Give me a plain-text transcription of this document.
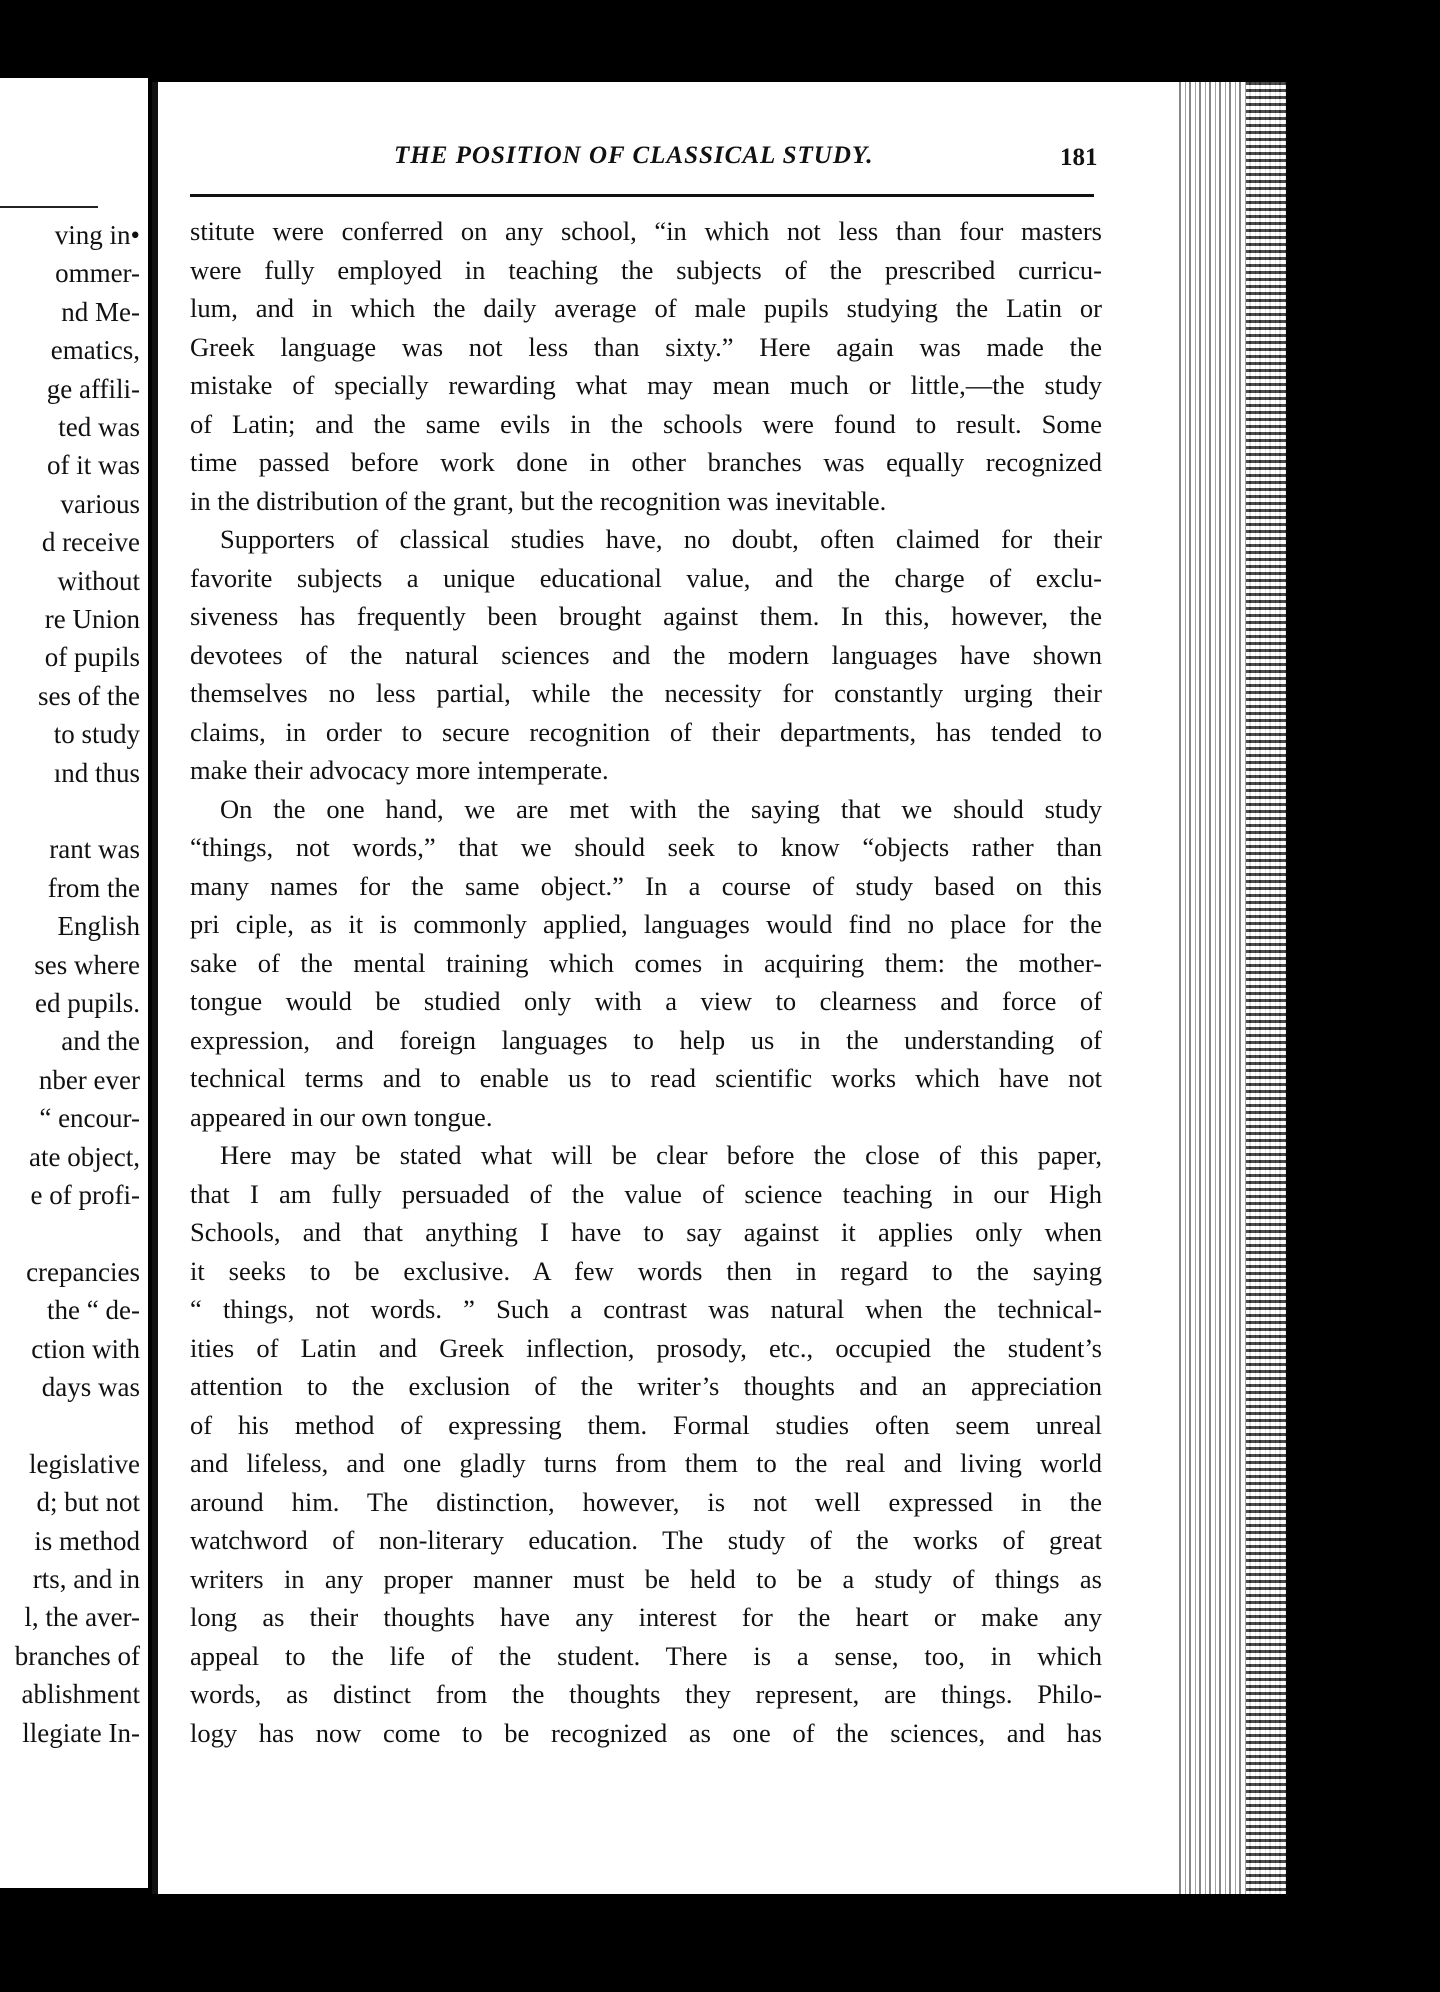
ving in•
ommer-
nd Me-
ematics,
ge affili-
ted was
of it was
various
d receive
without
re Union
of pupils
ses of the
to study
ınd thus
rant was
from the
English
ses where
ed pupils.
and the
nber ever
“ encour-
ate object,
e of profi-
crepancies
the “ de-
ction with
days was
legislative
d; but not
is method
rts, and in
l, the aver-
branches of
ablishment
llegiate In-
THE POSITION OF CLASSICAL STUDY.	181
stitute were conferred on any school, “in which not less than four masters
were fully employed in teaching the subjects of the prescribed curricu-
lum, and in which the daily average of male pupils studying the Latin or
Greek language was not less than sixty.” Here again was made the
mistake of specially rewarding what may mean much or little,—the study
of Latin; and the same evils in the schools were found to result. Some
time passed before work done in other branches was equally recognized
in the distribution of the grant, but the recognition was inevitable.
Supporters of classical studies have, no doubt, often claimed for their
favorite subjects a unique educational value, and the charge of exclu-
siveness has frequently been brought against them. In this, however, the
devotees of the natural sciences and the modern languages have shown
themselves no less partial, while the necessity for constantly urging their
claims, in order to secure recognition of their departments, has tended to
make their advocacy more intemperate.
On the one hand, we are met with the saying that we should study
“things, not words,” that we should seek to know “objects rather than
many names for the same object.” In a course of study based on this
pri ciple, as it is commonly applied, languages would find no place for the
sake of the mental training which comes in acquiring them: the mother-
tongue would be studied only with a view to clearness and force of
expression, and foreign languages to help us in the understanding of
technical terms and to enable us to read scientific works which have not
appeared in our own tongue.
Here may be stated what will be clear before the close of this paper,
that I am fully persuaded of the value of science teaching in our High
Schools, and that anything I have to say against it applies only when
it seeks to be exclusive. A few words then in regard to the saying
“ things, not words. ” Such a contrast was natural when the technical-
ities of Latin and Greek inflection, prosody, etc., occupied the student’s
attention to the exclusion of the writer’s thoughts and an appreciation
of his method of expressing them. Formal studies often seem unreal
and lifeless, and one gladly turns from them to the real and living world
around him. The distinction, however, is not well expressed in the
watchword of non-literary education. The study of the works of great
writers in any proper manner must be held to be a study of things as
long as their thoughts have any interest for the heart or make any
appeal to the life of the student. There is a sense, too, in which
words, as distinct from the thoughts they represent, are things. Philo-
logy has now come to be recognized as one of the sciences, and has
